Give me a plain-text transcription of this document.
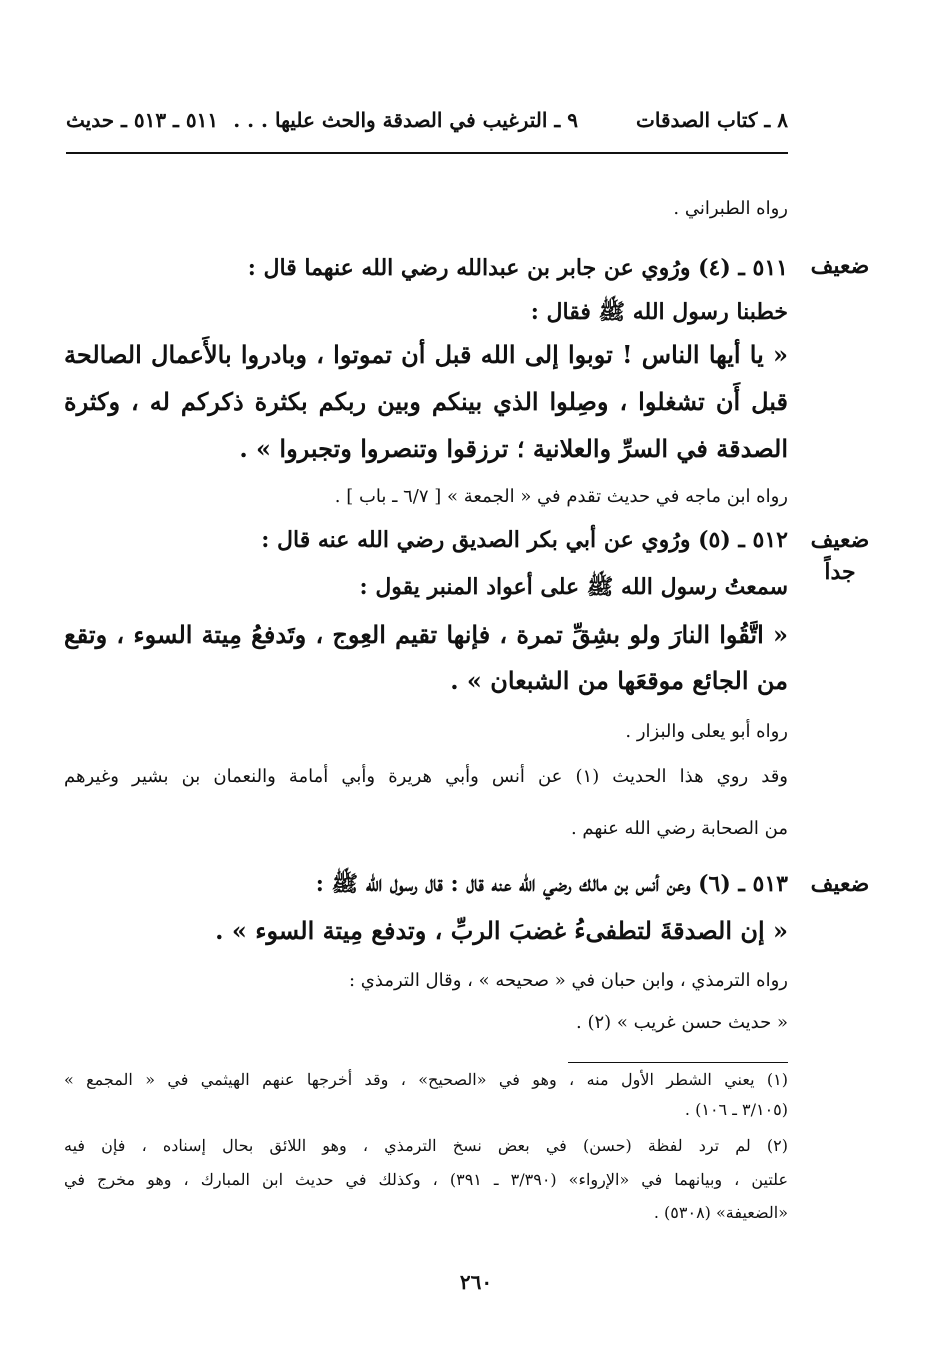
٨ ـ كتاب الصدقات
٩ ـ الترغيب في الصدقة والحث عليها . . .
٥١١ ـ ٥١٣ ـ حديث
رواه الطبراني .
ضعيف
٥١١ ـ (٤) ورُوي عن جابر بن عبدالله رضي الله عنهما قال :
خطبنا رسول الله ﷺ فقال :
« يا أيها الناس ! توبوا إلى الله قبل أن تموتوا ، وبادروا بالأَعمال الصالحة
قبل أَن تشغلوا ، وصِلوا الذي بينكم وبين ربكم بكثرة ذكركم له ، وكثرة
الصدقة في السرِّ والعلانية ؛ ترزقوا وتنصروا وتجبروا » .
رواه ابن ماجه في حديث تقدم في « الجمعة » [ ٦/٧ ـ باب ] .
ضعيف
جداً
٥١٢ ـ (٥) ورُوي عن أبي بكر الصديق رضي الله عنه قال :
سمعتُ رسول الله ﷺ على أعواد المنبر يقول :
« اتَّقُوا النارَ ولو بشِقِّ تمرة ، فإنها تقيم العِوج ، وتَدفعُ مِيتة السوء ، وتقع
من الجائع موقعَها من الشبعان » .
رواه أبو يعلى والبزار .
وقد روي هذا الحديث (١) عن أنس وأبي هريرة وأبي أمامة والنعمان بن بشير وغيرهم
من الصحابة رضي الله عنهم .
ضعيف
٥١٣ ـ (٦) وعن أنس بن مالك رضي الله عنه قال : قال رسول الله ﷺ :
« إن الصدقةَ لتطفىءُ غضبَ الربِّ ، وتدفع مِيتة السوء » .
رواه الترمذي ، وابن حبان في « صحيحه » ، وقال الترمذي :
« حديث حسن غريب » (٢) .
(١) يعني الشطر الأول منه ، وهو في «الصحيح» ، وقد أخرجها عنهم الهيثمي في « المجمع »
(٣/١٠٥ ـ ١٠٦) .
(٢) لم ترد لفظة (حسن) في بعض نسخ الترمذي ، وهو اللائق بحال إسناده ، فإن فيه
علتين ، وبيانهما في «الإرواء» (٣/٣٩٠ ـ ٣٩١) ، وكذلك في حديث ابن المبارك ، وهو مخرج في
«الضعيفة» (٥٣٠٨) .
٢٦٠
